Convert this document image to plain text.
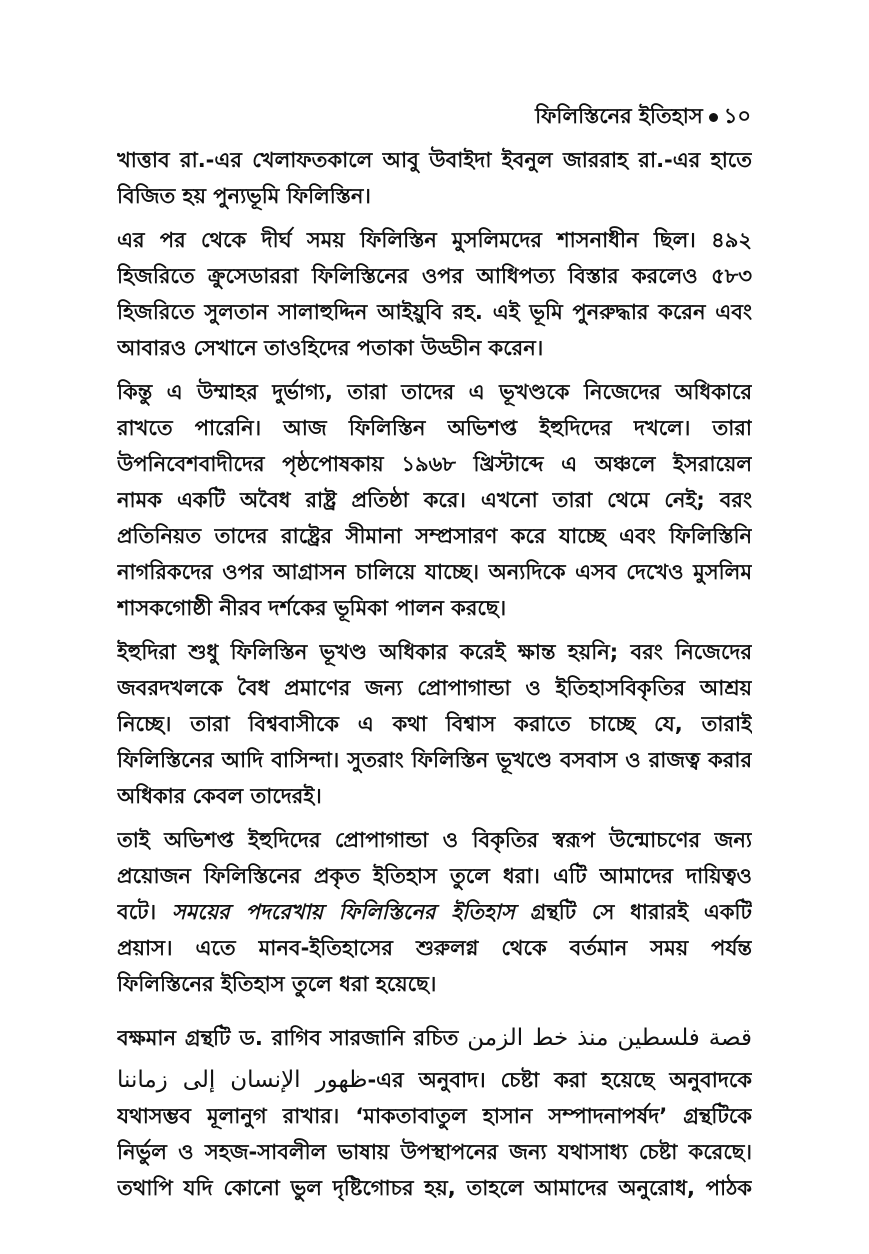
ফিলিস্তিনের ইতিহাস ১০

খাত্তাব রা.-এর খেলাফতকালে আবু উবাইদা ইবনুল জাররাহ রা.-এর হাতে
বিজিত হয় পুন্যভূমি ফিলিস্তিন।

এর পর থেকে দীর্ঘ সময় ফিলিস্তিন মুসলিমদের শাসনাধীন ছিল। ৪৯২
হিজরিতে ক্রুসেডাররা ফিলিস্তিনের ওপর আধিপত্য বিস্তার করলেও ৫৮৩
হিজরিতে সুলতান সালাহুদ্দিন আইয়ুবি রহ. এই ভূমি পুনরুদ্ধার করেন এবং
আবারও সেখানে তাওহিদের পতাকা উড্ডীন করেন।

কিন্তু এ উম্মাহর দুর্ভাগ্য, তারা তাদের এ ভূখণ্ডকে নিজেদের অধিকারে
রাখতে পারেনি। আজ ফিলিস্তিন অভিশপ্ত ইহুদিদের দখলে। তারা
উপনিবেশবাদীদের পৃষ্ঠপোষকায় ১৯৬৮ খ্রিস্টাব্দে এ অঞ্চলে ইসরায়েল
নামক একটি অবৈধ রাষ্ট্র প্রতিষ্ঠা করে। এখনো তারা থেমে নেই; বরং
প্রতিনিয়ত তাদের রাষ্ট্রের সীমানা সম্প্রসারণ করে যাচ্ছে এবং ফিলিস্তিনি
নাগরিকদের ওপর আগ্রাসন চালিয়ে যাচ্ছে। অন্যদিকে এসব দেখেও মুসলিম
শাসকগোষ্ঠী নীরব দর্শকের ভূমিকা পালন করছে।

ইহুদিরা শুধু ফিলিস্তিন ভূখণ্ড অধিকার করেই ক্ষান্ত হয়নি; বরং নিজেদের
জবরদখলকে বৈধ প্রমাণের জন্য প্রোপাগান্ডা ও ইতিহাসবিকৃতির আশ্রয়
নিচ্ছে। তারা বিশ্ববাসীকে এ কথা বিশ্বাস করাতে চাচ্ছে যে, তারাই
ফিলিস্তিনের আদি বাসিন্দা। সুতরাং ফিলিস্তিন ভূখণ্ডে বসবাস ও রাজত্ব করার
অধিকার কেবল তাদেরই।

তাই অভিশপ্ত ইহুদিদের প্রোপাগান্ডা ও বিকৃতির স্বরূপ উন্মোচণের জন্য
প্রয়োজন ফিলিস্তিনের প্রকৃত ইতিহাস তুলে ধরা। এটি আমাদের দায়িত্বও
বটে। সময়ের পদরেখায় ফিলিস্তিনের ইতিহাস গ্রন্থটি সে ধারারই একটি
প্রয়াস। এতে মানব-ইতিহাসের শুরুলগ্ন থেকে বর্তমান সময় পর্যন্ত
ফিলিস্তিনের ইতিহাস তুলে ধরা হয়েছে।

বক্ষমান গ্রন্থটি ড. রাগিব সারজানি রচিত قصة فلسطين منذ خط الزمن
ظهور الإنسان إلى زماننا-এর অনুবাদ। চেষ্টা করা হয়েছে অনুবাদকে
যথাসম্ভব মূলানুগ রাখার। ‘মাকতাবাতুল হাসান সম্পাদনাপর্ষদ’ গ্রন্থটিকে
নির্ভুল ও সহজ-সাবলীল ভাষায় উপস্থাপনের জন্য যথাসাধ্য চেষ্টা করেছে।
তথাপি যদি কোনো ভুল দৃষ্টিগোচর হয়, তাহলে আমাদের অনুরোধ, পাঠক
